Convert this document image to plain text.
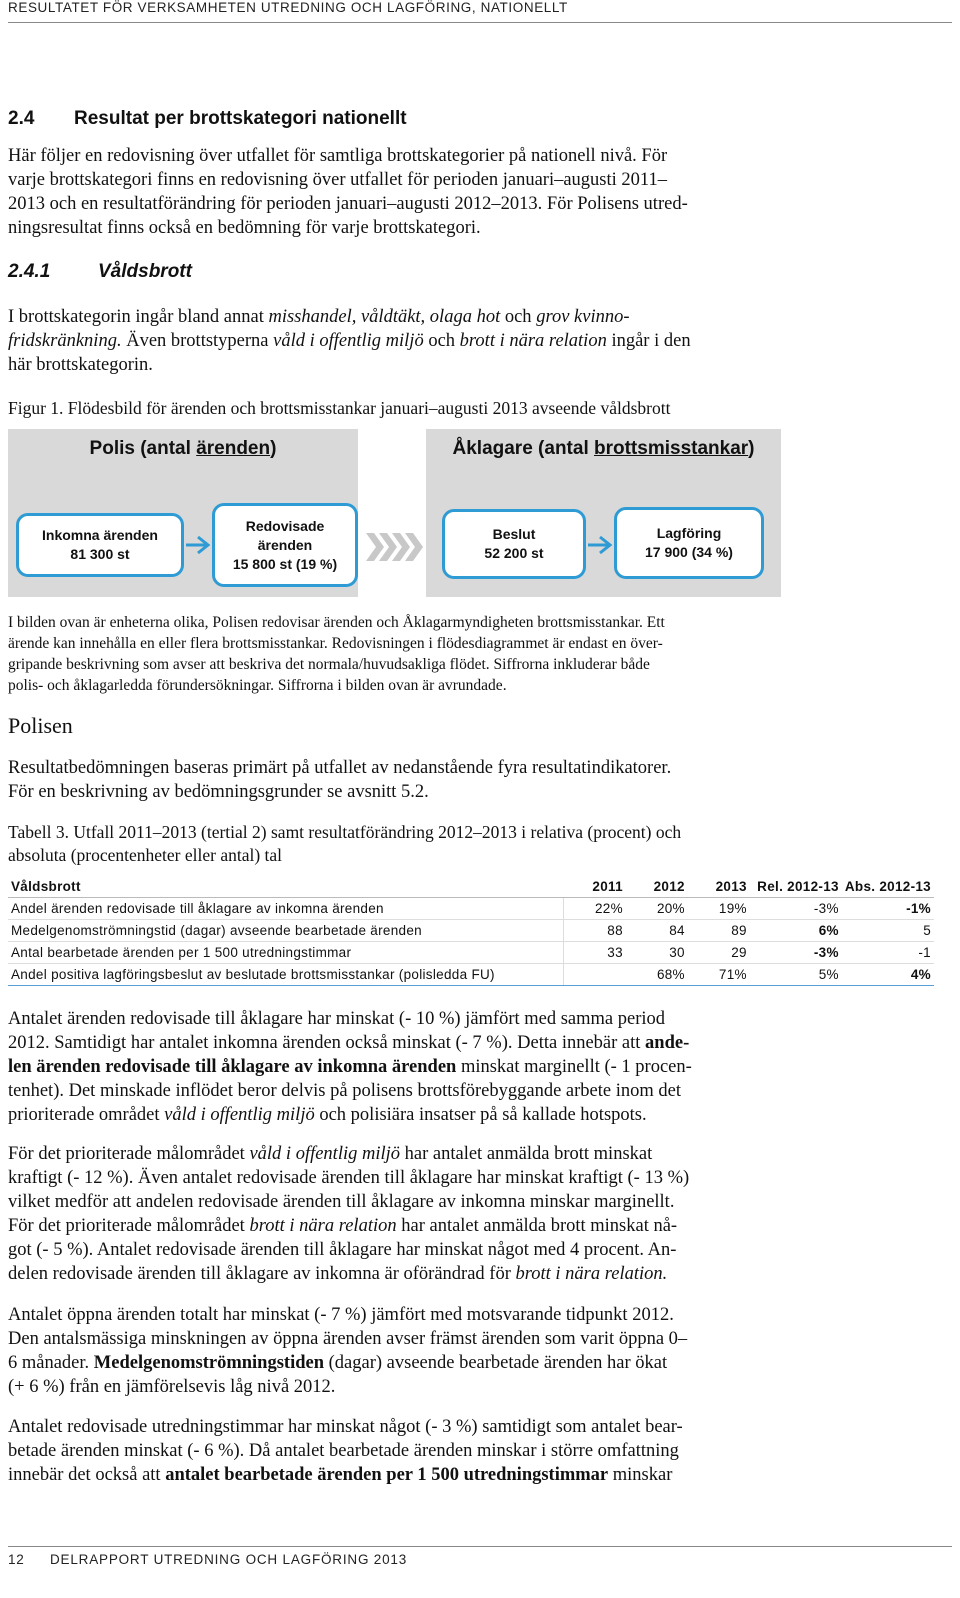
RESULTATET FÖR VERKSAMHETEN UTREDNING OCH LAGFÖRING, NATIONELLT
2.4 Resultat per brottskategori nationellt
Här följer en redovisning över utfallet för samtliga brottskategorier på nationell nivå. För
varje brottskategori finns en redovisning över utfallet för perioden januari–augusti 2011–
2013 och en resultatförändring för perioden januari–augusti 2012–2013. För Polisens utred-
ningsresultat finns också en bedömning för varje brottskategori.
2.4.1	Våldsbrott
I brottskategorin ingår bland annat misshandel, våldtäkt, olaga hot och grov kvinno-
fridskränkning. Även brottstyperna våld i offentlig miljö och brott i nära relation ingår i den
här brottskategorin.
Figur 1. Flödesbild för ärenden och brottsmisstankar januari–augusti 2013 avseende våldsbrott
Polis (antal ärenden)	Åklagare (antal brottsmisstankar)
Inkomna ärenden
81 300 st
Redovisade
ärenden
15 800 st (19 %)
Beslut
52 200 st
Lagföring
17 900 (34 %)
I bilden ovan är enheterna olika, Polisen redovisar ärenden och Åklagarmyndigheten brottsmisstankar. Ett
ärende kan innehålla en eller flera brottsmisstankar. Redovisningen i flödesdiagrammet är endast en över-
gripande beskrivning som avser att beskriva det normala/huvudsakliga flödet. Siffrorna inkluderar både
polis- och åklagarledda förundersökningar. Siffrorna i bilden ovan är avrundade.
Polisen
Resultatbedömningen baseras primärt på utfallet av nedanstående fyra resultatindikatorer.
För en beskrivning av bedömningsgrunder se avsnitt 5.2.
Tabell 3. Utfall 2011–2013 (tertial 2) samt resultatförändring 2012–2013 i relativa (procent) och
absoluta (procentenheter eller antal) tal
Våldsbrott	2011	2012	2013	Rel. 2012-13	Abs. 2012-13
Andel ärenden redovisade till åklagare av inkomna ärenden	22%	20%	19%	-3%	-1%
Medelgenomströmningstid (dagar) avseende bearbetade ärenden	88	84	89	6%	5
Antal bearbetade ärenden per 1 500 utredningstimmar	33	30	29	-3%	-1
Andel positiva lagföringsbeslut av beslutade brottsmisstankar (polisledda FU)		68%	71%	5%	4%
Antalet ärenden redovisade till åklagare har minskat (- 10 %) jämfört med samma period
2012. Samtidigt har antalet inkomna ärenden också minskat (- 7 %). Detta innebär att ande-
len ärenden redovisade till åklagare av inkomna ärenden minskat marginellt (- 1 procen-
tenhet). Det minskade inflödet beror delvis på polisens brottsförebyggande arbete inom det
prioriterade området våld i offentlig miljö och polisiära insatser på så kallade hotspots.
För det prioriterade målområdet våld i offentlig miljö har antalet anmälda brott minskat
kraftigt (- 12 %). Även antalet redovisade ärenden till åklagare har minskat kraftigt (- 13 %)
vilket medför att andelen redovisade ärenden till åklagare av inkomna minskar marginellt.
För det prioriterade målområdet brott i nära relation har antalet anmälda brott minskat nå-
got (- 5 %). Antalet redovisade ärenden till åklagare har minskat något med 4 procent. An-
delen redovisade ärenden till åklagare av inkomna är oförändrad för brott i nära relation.
Antalet öppna ärenden totalt har minskat (- 7 %) jämfört med motsvarande tidpunkt 2012.
Den antalsmässiga minskningen av öppna ärenden avser främst ärenden som varit öppna 0–
6 månader. Medelgenomströmningstiden (dagar) avseende bearbetade ärenden har ökat
(+ 6 %) från en jämförelsevis låg nivå 2012.
Antalet redovisade utredningstimmar har minskat något (- 3 %) samtidigt som antalet bear-
betade ärenden minskat (- 6 %). Då antalet bearbetade ärenden minskar i större omfattning
innebär det också att antalet bearbetade ärenden per 1 500 utredningstimmar minskar
12 DELRAPPORT UTREDNING OCH LAGFÖRING 2013
